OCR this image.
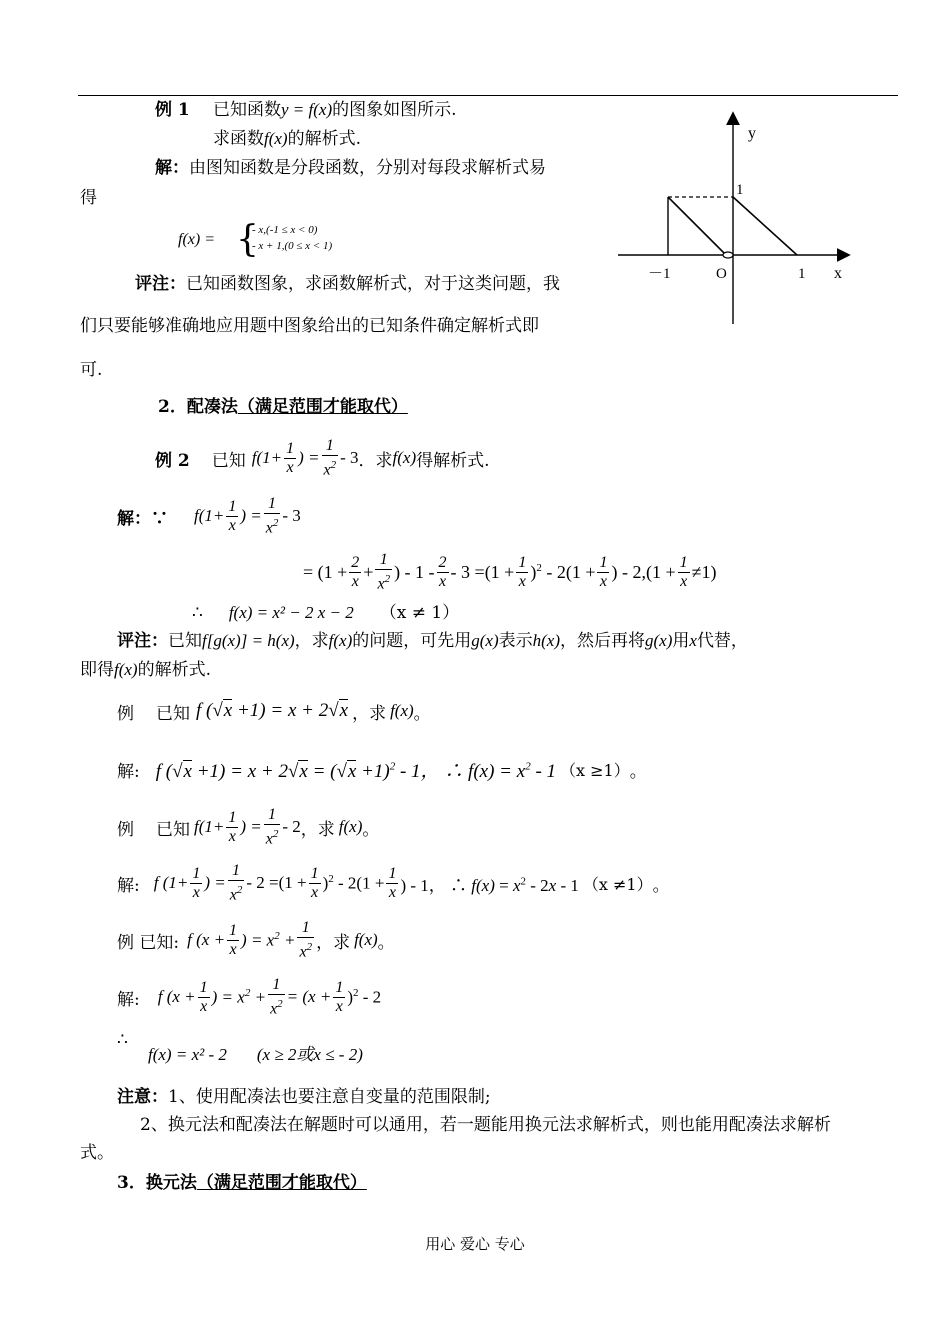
例 1 已知函数y = f(x)的图象如图所示.
求函数f(x)的解析式.
解：由图知函数是分段函数，分别对每段求解析式易
得
f(x) = {
- x,(-1 ≤ x < 0)
- x + 1,(0 ≤ x < 1)
评注：已知函数图象，求函数解析式，对于这类问题，我
们只要能够准确地应用题中图象给出的已知条件确定解析式即
可.
y
x
O
－1	1
1
2．配凑法（满足范围才能取代）
例 2 已知 $f(1+ \frac{1}{x}$ ) = $\frac{1}{x^2} - 3$ ．求 f(x) 得解析式.
解：∵ $f(1+ \frac{1}{x}$ ) = $\frac{1}{x^2} - 3$
= ($1 + \frac{2}{x} + \frac{1}{x^2}$ ) - $1 - \frac{2}{x} - 3 =(1 + \frac{1}{x} )^2 - 2(1 + \frac{1}{x}$ ) - $2,(1 + \frac{1}{x} \ne 1)$
∴ f(x) = x² − 2 x − 2 （x ≠ 1）
评注：已知f[g(x)] = h(x)，求f(x)的问题，可先用g(x)表示h(x)，然后再将g(x)用x代替，
即得f(x)的解析式.
例 已知 f (√x +1) = x + 2√x ，求 f(x) 。
解: f $(√x +1) = x + 2√x = (√x +1)^2 - 1$， ∴ $f(x) = x^2 - 1$ （x ≥1） 。
例 已知 $f(1+ \frac{1}{x}$ ) = $\frac{1}{x^2} - 2$ ，求 f(x) 。
解: f ($1+ \frac{1}{x}$ ) = $\frac{1}{x^2} - 2 =(1 + \frac{1}{x} )^2 - 2(1 + \frac{1}{x}$ ) - 1， ∴ $f(x) = x^2 - 2x - 1$ （x ≠1） 。
例 已知: f ($x + \frac{1}{x}$ ) = $x^2 + \frac{1}{x^2}$ ，求 f(x) 。
解: f ($x + \frac{1}{x}$ ) = $x^2 + \frac{1}{x^2} = (x + \frac{1}{x} )^2 - 2$
∴
f(x) = x² - 2 (x ≥ 2或x ≤ - 2)
注意：1、使用配凑法也要注意自变量的范围限制;
2、换元法和配凑法在解题时可以通用，若一题能用换元法求解析式，则也能用配凑法求解析
式。
3．换元法（满足范围才能取代）
用心 爱心 专心
